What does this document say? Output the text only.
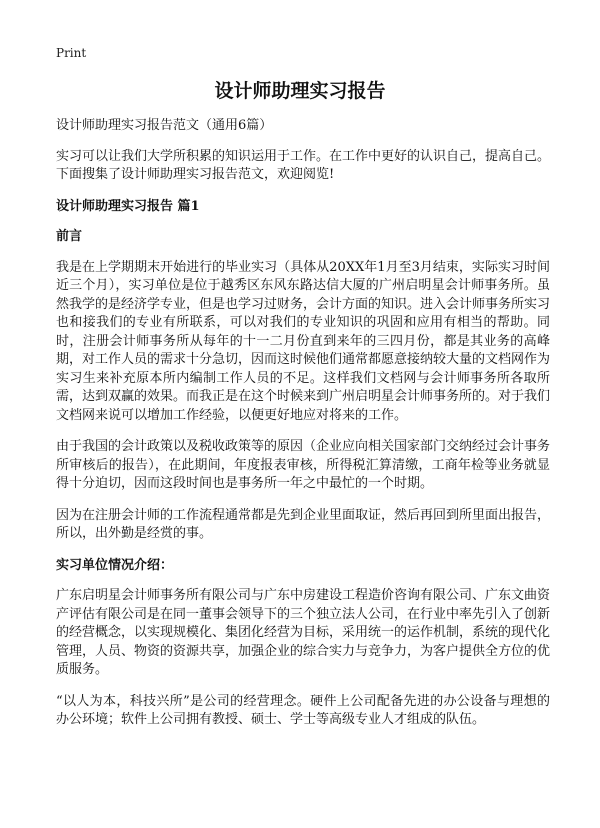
Print
设计师助理实习报告

设计师助理实习报告范文（通用6篇）

实习可以让我们大学所积累的知识运用于工作。在工作中更好的认识自己，提高自己。下面搜集了设计师助理实习报告范文，欢迎阅览!

设计师助理实习报告 篇1
前言

我是在上学期期末开始进行的毕业实习（具体从20XX年1月至3月结束，实际实习时间近三个月），实习单位是位于越秀区东风东路达信大厦的广州启明星会计师事务所。虽然我学的是经济学专业，但是也学习过财务，会计方面的知识。进入会计师事务所实习也和接我们的专业有所联系，可以对我们的专业知识的巩固和应用有相当的帮助。同时，注册会计师事务所从每年的十一二月份直到来年的三四月份，都是其业务的高峰期，对工作人员的需求十分急切，因而这时候他们通常都愿意接纳较大量的文档网作为实习生来补充原本所内编制工作人员的不足。这样我们文档网与会计师事务所各取所需，达到双赢的效果。而我正是在这个时候来到广州启明星会计师事务所的。对于我们文档网来说可以增加工作经验，以便更好地应对将来的工作。

由于我国的会计政策以及税收政策等的原因（企业应向相关国家部门交纳经过会计事务所审核后的报告），在此期间，年度报表审核，所得税汇算清缴，工商年检等业务就显得十分迫切，因而这段时间也是事务所一年之中最忙的一个时期。

因为在注册会计师的工作流程通常都是先到企业里面取证，然后再回到所里面出报告，所以，出外勤是经赏的事。

实习单位情况介绍：

广东启明星会计师事务所有限公司与广东中房建设工程造价咨询有限公司、广东文曲资产评估有限公司是在同一董事会领导下的三个独立法人公司，在行业中率先引入了创新的经营概念，以实现规模化、集团化经营为目标，采用统一的运作机制，系统的现代化管理，人员、物资的资源共享，加强企业的综合实力与竞争力，为客户提供全方位的优质服务。

“以人为本，科技兴所”是公司的经营理念。硬件上公司配备先进的办公设备与理想的办公环境；软件上公司拥有教授、硕士、学士等高级专业人才组成的队伍。
